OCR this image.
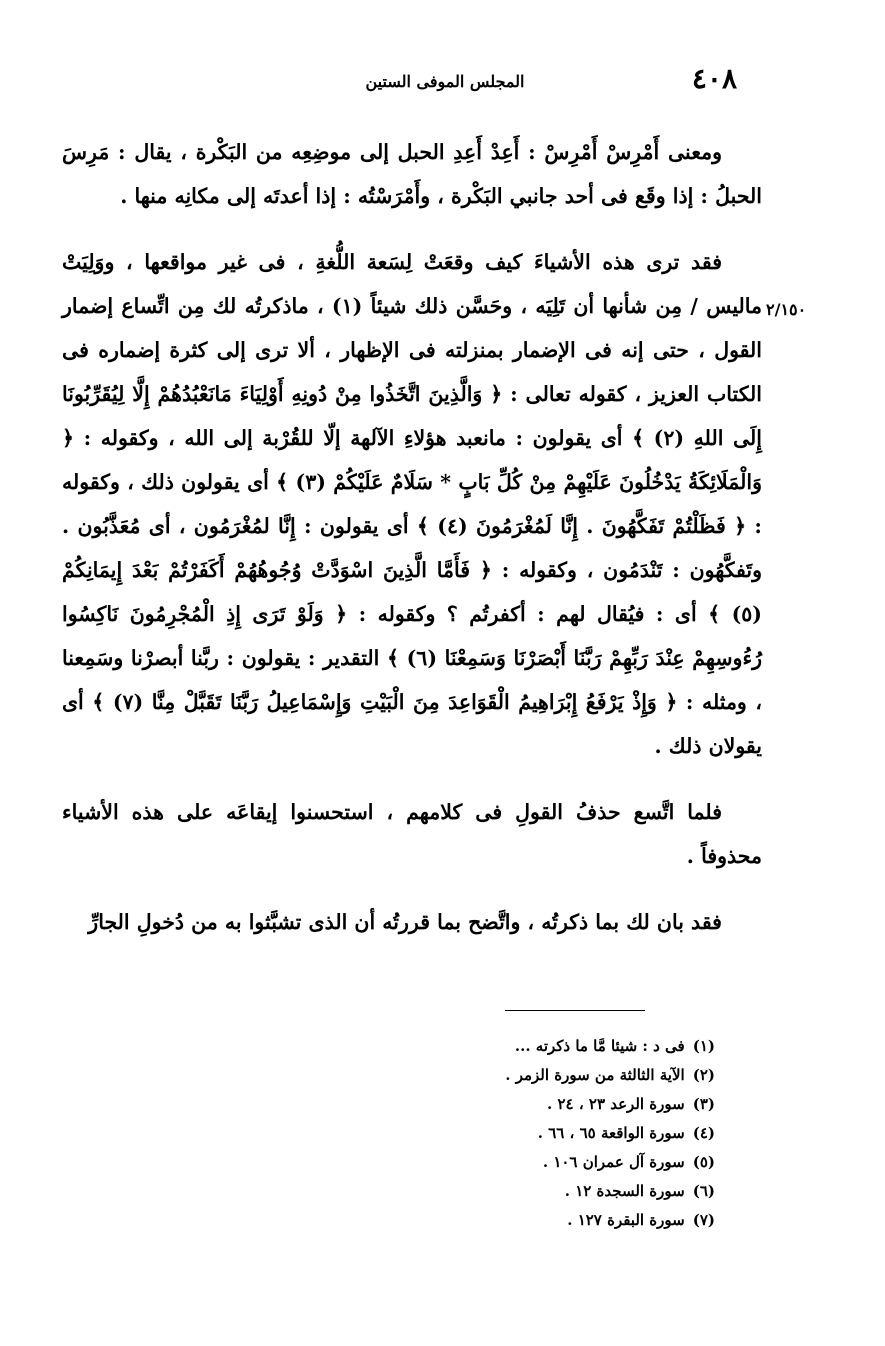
٤٠٨
المجلس الموفى الستين
٢/١٥٠

ومعنى أَمْرِسْ أَمْرِسْ : أَعِدْ أَعِدِ الحبل إلى موضِعِه من البَكْرة ، يقال : مَرِسَ الحبلُ : إذا وقَع فى أحد جانبي البَكْرة ، وأَمْرَسْتُه : إذا أعدتَه إلى مكانِه منها .

فقد ترى هذه الأشياءَ كيف وقعَتْ لِسَعة اللُّغةِ ، فى غير مواقعها ، ووَلِيَتْ ماليس / مِن شأنها أن تَلِيَه ، وحَسَّن ذلك شيئاً (١) ، ماذكرتُه لك مِن اتِّساع إضمار القول ، حتى إنه فى الإضمار بمنزلته فى الإظهار ، ألا ترى إلى كثرة إضماره فى الكتاب العزيز ، كقوله تعالى : ﴿ وَالَّذِينَ اتَّخَذُوا مِنْ دُونِهِ أَوْلِيَاءَ مَانَعْبُدُهُمْ إِلَّا لِيُقَرِّبُونَا إِلَى اللهِ (٢) ﴾ أى يقولون : مانعبد هؤلاءِ الآلهة إلّا للقُرْبة إلى الله ، وكقوله : ﴿ وَالْمَلَائِكَةُ يَدْخُلُونَ عَلَيْهِمْ مِنْ كُلِّ بَابٍ * سَلَامٌ عَلَيْكُمْ (٣) ﴾ أى يقولون ذلك ، وكقوله : ﴿ فَظَلْتُمْ تَفَكَّهُونَ . إِنَّا لَمُغْرَمُونَ (٤) ﴾ أى يقولون : إِنَّا لمُغْرَمُون ، أى مُعَذَّبُون . وتَفكَّهُون : تَنْدَمُون ، وكقوله : ﴿ فَأَمَّا الَّذِينَ اسْوَدَّتْ وُجُوهُهُمْ أَكَفَرْتُمْ بَعْدَ إِيمَانِكُمْ (٥) ﴾ أى : فيُقال لهم : أكفرتُم ؟ وكقوله : ﴿ وَلَوْ تَرَى إِذِ الْمُجْرِمُونَ نَاكِسُوا رُءُوسِهِمْ عِنْدَ رَبِّهِمْ رَبَّنَا أَبْصَرْنَا وَسَمِعْنَا (٦) ﴾ التقدير : يقولون : ربَّنا أبصرْنا وسَمِعنا ، ومثله : ﴿ وَإِذْ يَرْفَعُ إِبْرَاهِيمُ الْقَوَاعِدَ مِنَ الْبَيْتِ وَإِسْمَاعِيلُ رَبَّنَا تَقَبَّلْ مِنَّا (٧) ﴾ أى يقولان ذلك .

فلما اتَّسع حذفُ القولِ فى كلامهم ، استحسنوا إيقاعَه على هذه الأشياء محذوفاً .

فقد بان لك بما ذكرتُه ، واتَّضح بما قررتُه أن الذى تشبَّثوا به من دُخولِ الجارِّ

(١)فى د : شيئا مَّا ما ذكرته ...
(٢)الآية الثالثة من سورة الزمر .
(٣)سورة الرعد ٢٣ ، ٢٤ .
(٤)سورة الواقعة ٦٥ ، ٦٦ .
(٥)سورة آل عمران ١٠٦ .
(٦)سورة السجدة ١٢ .
(٧)سورة البقرة ١٢٧ .
